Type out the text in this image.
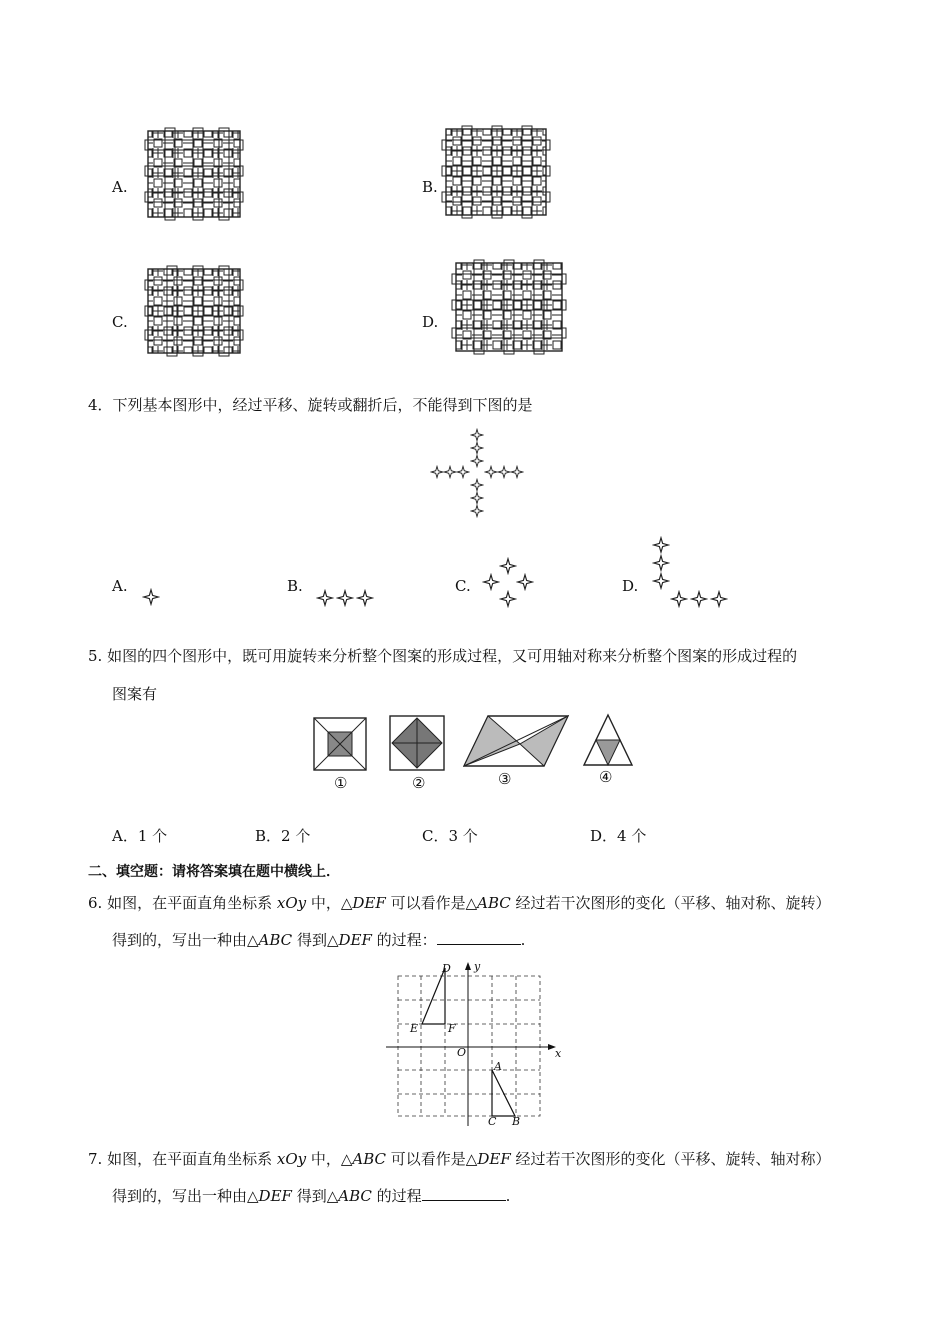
A.	B.
C.	D.
4．下列基本图形中，经过平移、旋转或翻折后，不能得到下图的是
A.	B.	C.	D.
5. 如图的四个图形中，既可用旋转来分析整个图案的形成过程，又可用轴对称来分析整个图案的形成过程的
图案有
①	②	③	④
A．1 个	B．2 个	C．3 个	D．4 个
二、填空题：请将答案填在题中横线上．
6. 如图，在平面直角坐标系 xOy 中，△DEF 可以看作是△ABC 经过若干次图形的变化（平移、轴对称、旋转）
得到的，写出一种由△ABC 得到△DEF 的过程：	.
D y
E	F
O	x
A
C B
7. 如图，在平面直角坐标系 xOy 中，△ABC 可以看作是△DEF 经过若干次图形的变化（平移、旋转、轴对称）
得到的，写出一种由△DEF 得到△ABC 的过程	.
